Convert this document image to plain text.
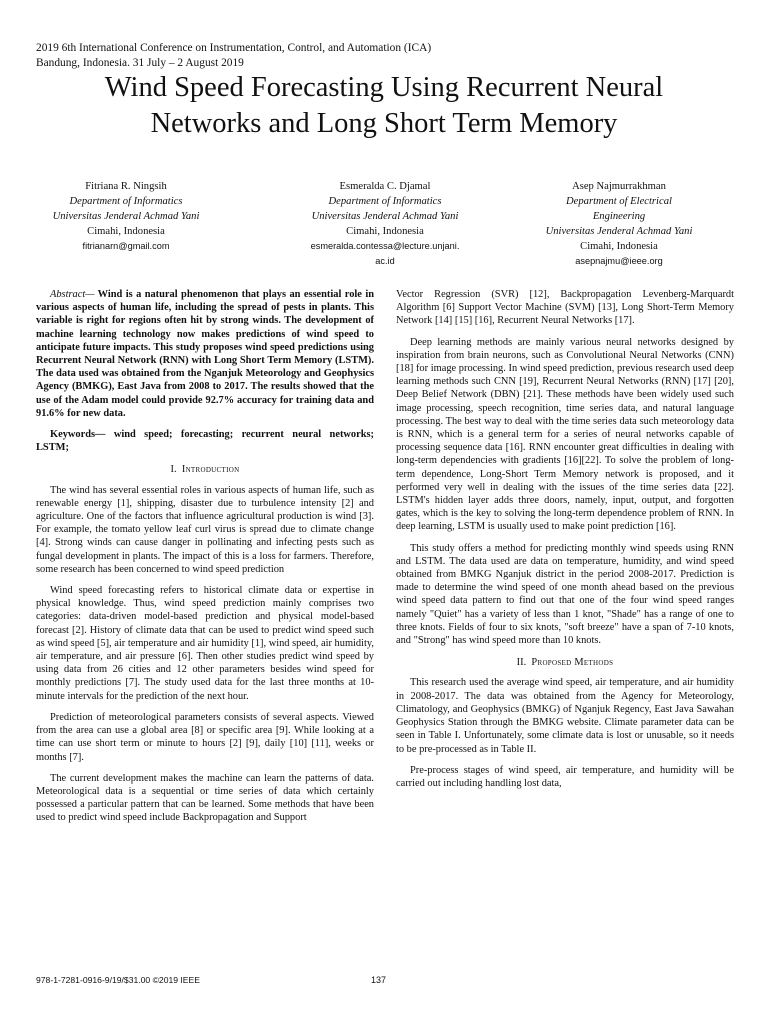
2019 6th International Conference on Instrumentation, Control, and Automation (ICA)
Bandung, Indonesia. 31 July – 2 August 2019
Wind Speed Forecasting Using Recurrent Neural
Networks and Long Short Term Memory
Fitriana R. Ningsih
Department of Informatics
Universitas Jenderal Achmad Yani
Cimahi, Indonesia
fitrianarn@gmail.com
Esmeralda C. Djamal
Department of Informatics
Universitas Jenderal Achmad Yani
Cimahi, Indonesia
esmeralda.contessa@lecture.unjani.
ac.id
Asep Najmurrakhman
Department of Electrical
Engineering
Universitas Jenderal Achmad Yani
Cimahi, Indonesia
asepnajmu@ieee.org

Abstract— Wind is a natural phenomenon that plays an essential role in various aspects of human life, including the spread of pests in plants. This variable is right for regions often hit by strong winds. The development of machine learning technology now makes predictions of wind speed to anticipate future impacts. This study proposes wind speed predictions using Recurrent Neural Network (RNN) with Long Short Term Memory (LSTM). The data used was obtained from the Nganjuk Meteorology and Geophysics Agency (BMKG), East Java from 2008 to 2017. The results showed that the use of the Adam model could provide 92.7% accuracy for training data and 91.6% for new data.

Keywords— wind speed; forecasting; recurrent neural networks; LSTM;

I. Introduction

The wind has several essential roles in various aspects of human life, such as renewable energy [1], shipping, disaster due to turbulence intensity [2] and agriculture. One of the factors that influence agricultural production is wind [3]. For example, the tomato yellow leaf curl virus is spread due to climate change [4]. Strong winds can cause danger in pollinating and infecting pests such as fungal development in plants. The impact of this is a loss for farmers. Therefore, some research has been concerned to wind speed prediction

Wind speed forecasting refers to historical climate data or expertise in physical knowledge. Thus, wind speed prediction mainly comprises two categories: data-driven model-based prediction and physical model-based forecast [2]. History of climate data that can be used to predict wind speed such as wind speed [5], air temperature and air humidity [1], wind speed, air humidity, air temperature, and air pressure [6]. Then other studies predict wind speed by using data from 26 cities and 12 other parameters besides wind speed for monthly predictions [7]. The study used data for the last three months at 10-minute intervals for the prediction of the next hour.

Prediction of meteorological parameters consists of several aspects. Viewed from the area can use a global area [8] or specific area [9]. While looking at a time can use short term or minute to hours [2] [9], daily [10] [11], weeks or months [7].

The current development makes the machine can learn the patterns of data. Meteorological data is a sequential or time series of data which certainly possessed a particular pattern that can be learned. Some methods that have been used to predict wind speed include Backpropagation and Support

Vector Regression (SVR) [12], Backpropagation Levenberg-Marquardt Algorithm [6] Support Vector Machine (SVM) [13], Long Short-Term Memory Network [14] [15] [16], Recurrent Neural Networks [17].

Deep learning methods are mainly various neural networks designed by inspiration from brain neurons, such as Convolutional Neural Networks (CNN) [18] for image processing. In wind speed prediction, previous research used deep learning methods such CNN [19], Recurrent Neural Networks (RNN) [17] [20], Deep Belief Network (DBN) [21]. These methods have been widely used such image processing, speech recognition, time series data, and natural language processing. The best way to deal with the time series data such meteorology data is RNN, which is a general term for a series of neural networks capable of processing sequence data [16]. RNN encounter great difficulties in dealing with long-term dependencies with gradients [16][22]. To solve the problem of long-term dependence, Long-Short Term Memory network is proposed, and it performed very well in dealing with the issues of the time series data [22]. LSTM's hidden layer adds three doors, namely, input, output, and forgotten gates, which is the key to solving the long-term dependence problem of RNN. In deep learning, LSTM is usually used to make point prediction [16].

This study offers a method for predicting monthly wind speeds using RNN and LSTM. The data used are data on temperature, humidity, and wind speed obtained from BMKG Nganjuk district in the period 2008-2017. Prediction is made to determine the wind speed of one month ahead based on the previous wind speed data pattern to find out that one of the four wind speed ranges namely "Quiet" has a variety of less than 1 knot, "Shade" has a range of one to three knots. Fields of four to six knots, "soft breeze" have a span of 7-10 knots, and "Strong" has wind speed more than 10 knots.

II. Proposed Methods

This research used the average wind speed, air temperature, and air humidity in 2008-2017. The data was obtained from the Agency for Meteorology, Climatology, and Geophysics (BMKG) of Nganjuk Regency, East Java Sawahan Geophysics Station through the BMKG website. Climate parameter data can be seen in Table I. Unfortunately, some climate data is lost or unusable, so it needs to be pre-processed as in Table II.

Pre-process stages of wind speed, air temperature, and humidity will be carried out including handling lost data,

978-1-7281-0916-9/19/$31.00 ©2019 IEEE	137
